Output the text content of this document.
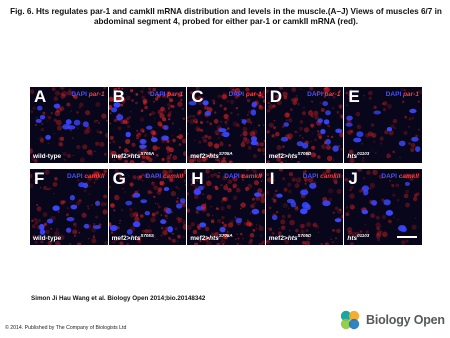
Fig. 6. Hts regulates par-1 and camkII mRNA distribution and levels in the muscle.(A–J) Views of muscles 6/7 in abdominal segment 4, probed for either par-1 or camkII mRNA (red).
A	DAPI par-1
wild-type
B	DAPI par-1
mef2>hts$^{S705A}$
C	DAPI par-1
mef2>hts$^{S705A}$
D	DAPI par-1
mef2>hts$^{S705D}$
E	DAPI par-1
hts$^{01103}$
F	DAPI camkII
wild-type
G	DAPI camkII
mef2>hts$^{S705S}$
H	DAPI camkII
mef2>hts$^{S705A}$
I	DAPI camkII
mef2>hts$^{S705D}$
J	DAPI camkII
hts$^{01103}$
Simon Ji Hau Wang et al. Biology Open 2014;bio.20148342
© 2014. Published by The Company of Biologists Ltd
Biology Open
